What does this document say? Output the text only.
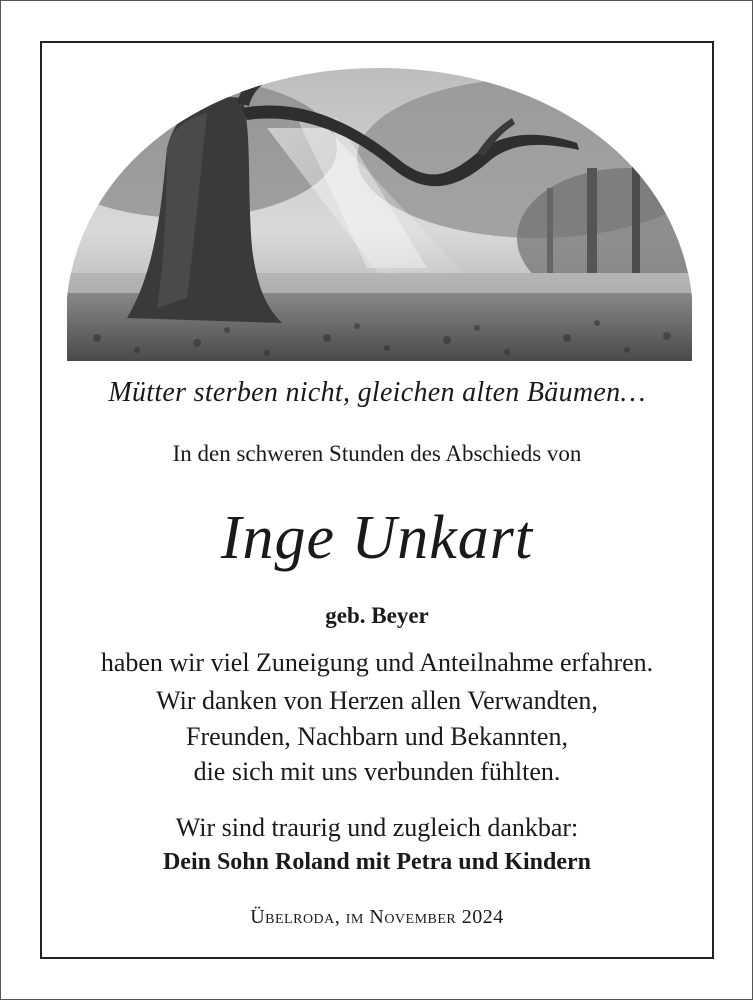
Mütter sterben nicht, gleichen alten Bäumen…
In den schweren Stunden des Abschieds von
Inge Unkart
geb. Beyer
haben wir viel Zuneigung und Anteilnahme erfahren.
Wir danken von Herzen allen Verwandten,
Freunden, Nachbarn und Bekannten,
die sich mit uns verbunden fühlten.
Wir sind traurig und zugleich dankbar:
Dein Sohn Roland mit Petra und Kindern
Übelroda, im November 2024
